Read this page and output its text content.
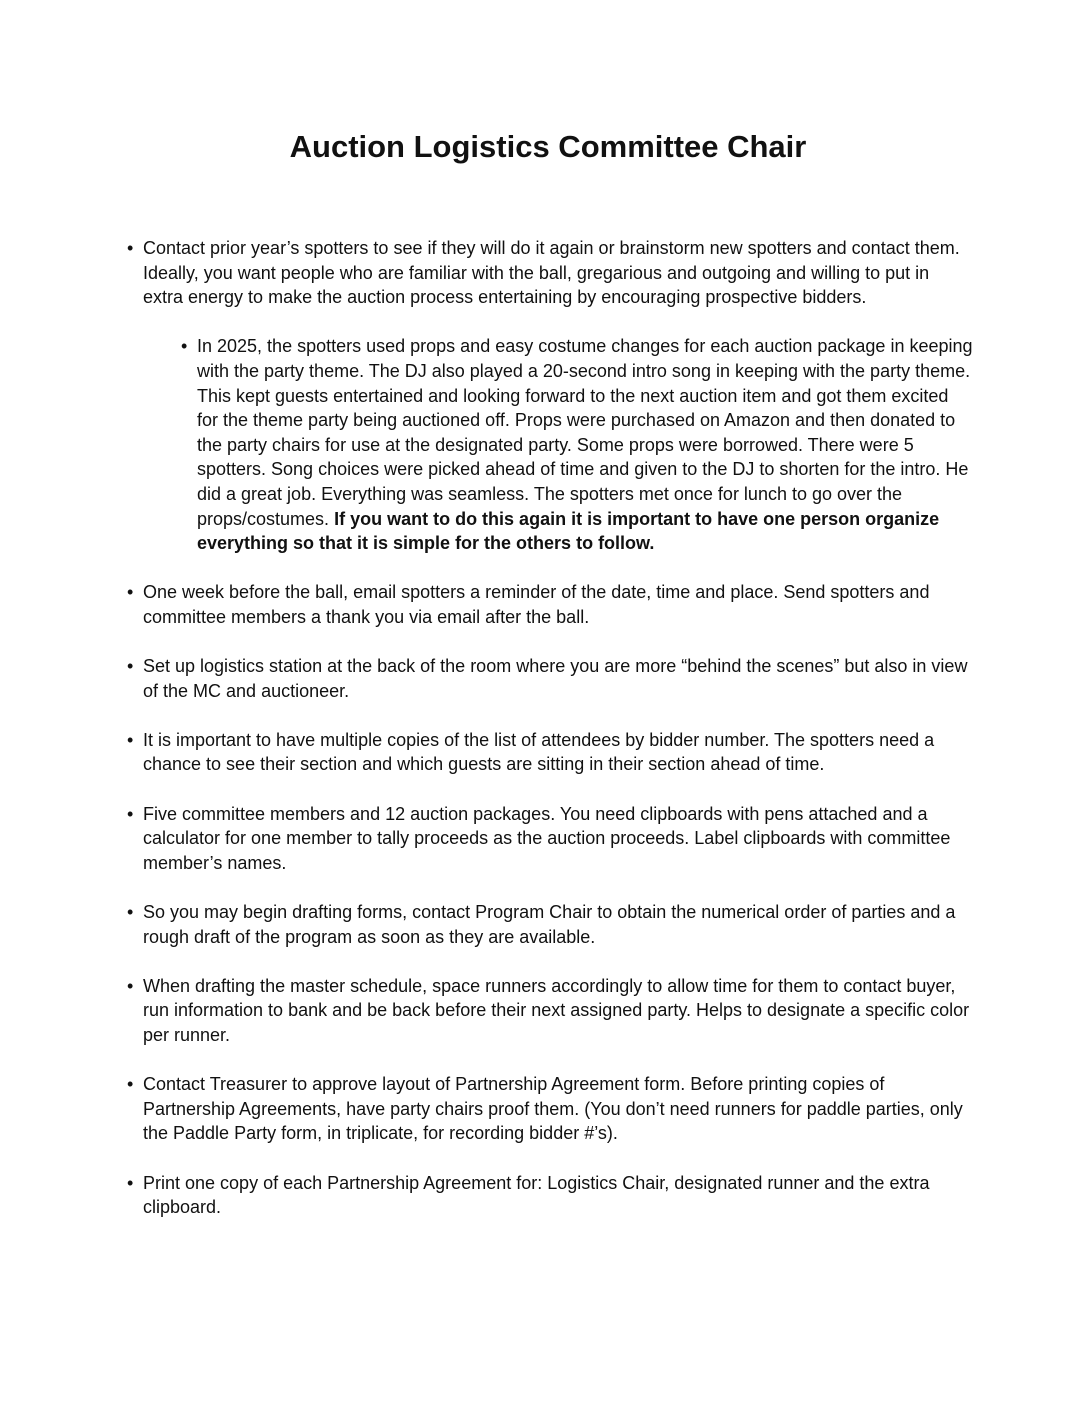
Auction Logistics Committee Chair
• Contact prior year’s spotters to see if they will do it again or brainstorm new spotters and contact them. Ideally, you want people who are familiar with the ball, gregarious and outgoing and willing to put in extra energy to make the auction process entertaining by encouraging prospective bidders.
• In 2025, the spotters used props and easy costume changes for each auction package in keeping with the party theme. The DJ also played a 20-second intro song in keeping with the party theme. This kept guests entertained and looking forward to the next auction item and got them excited for the theme party being auctioned off. Props were purchased on Amazon and then donated to the party chairs for use at the designated party. Some props were borrowed. There were 5 spotters. Song choices were picked ahead of time and given to the DJ to shorten for the intro. He did a great job. Everything was seamless. The spotters met once for lunch to go over the props/costumes. If you want to do this again it is important to have one person organize everything so that it is simple for the others to follow.
• One week before the ball, email spotters a reminder of the date, time and place. Send spotters and committee members a thank you via email after the ball.
• Set up logistics station at the back of the room where you are more “behind the scenes” but also in view of the MC and auctioneer.
• It is important to have multiple copies of the list of attendees by bidder number. The spotters need a chance to see their section and which guests are sitting in their section ahead of time.
• Five committee members and 12 auction packages. You need clipboards with pens attached and a calculator for one member to tally proceeds as the auction proceeds. Label clipboards with committee member’s names.
• So you may begin drafting forms, contact Program Chair to obtain the numerical order of parties and a rough draft of the program as soon as they are available.
• When drafting the master schedule, space runners accordingly to allow time for them to contact buyer, run information to bank and be back before their next assigned party. Helps to designate a specific color per runner.
• Contact Treasurer to approve layout of Partnership Agreement form. Before printing copies of Partnership Agreements, have party chairs proof them. (You don’t need runners for paddle parties, only the Paddle Party form, in triplicate, for recording bidder #’s).
• Print one copy of each Partnership Agreement for: Logistics Chair, designated runner and the extra clipboard.
